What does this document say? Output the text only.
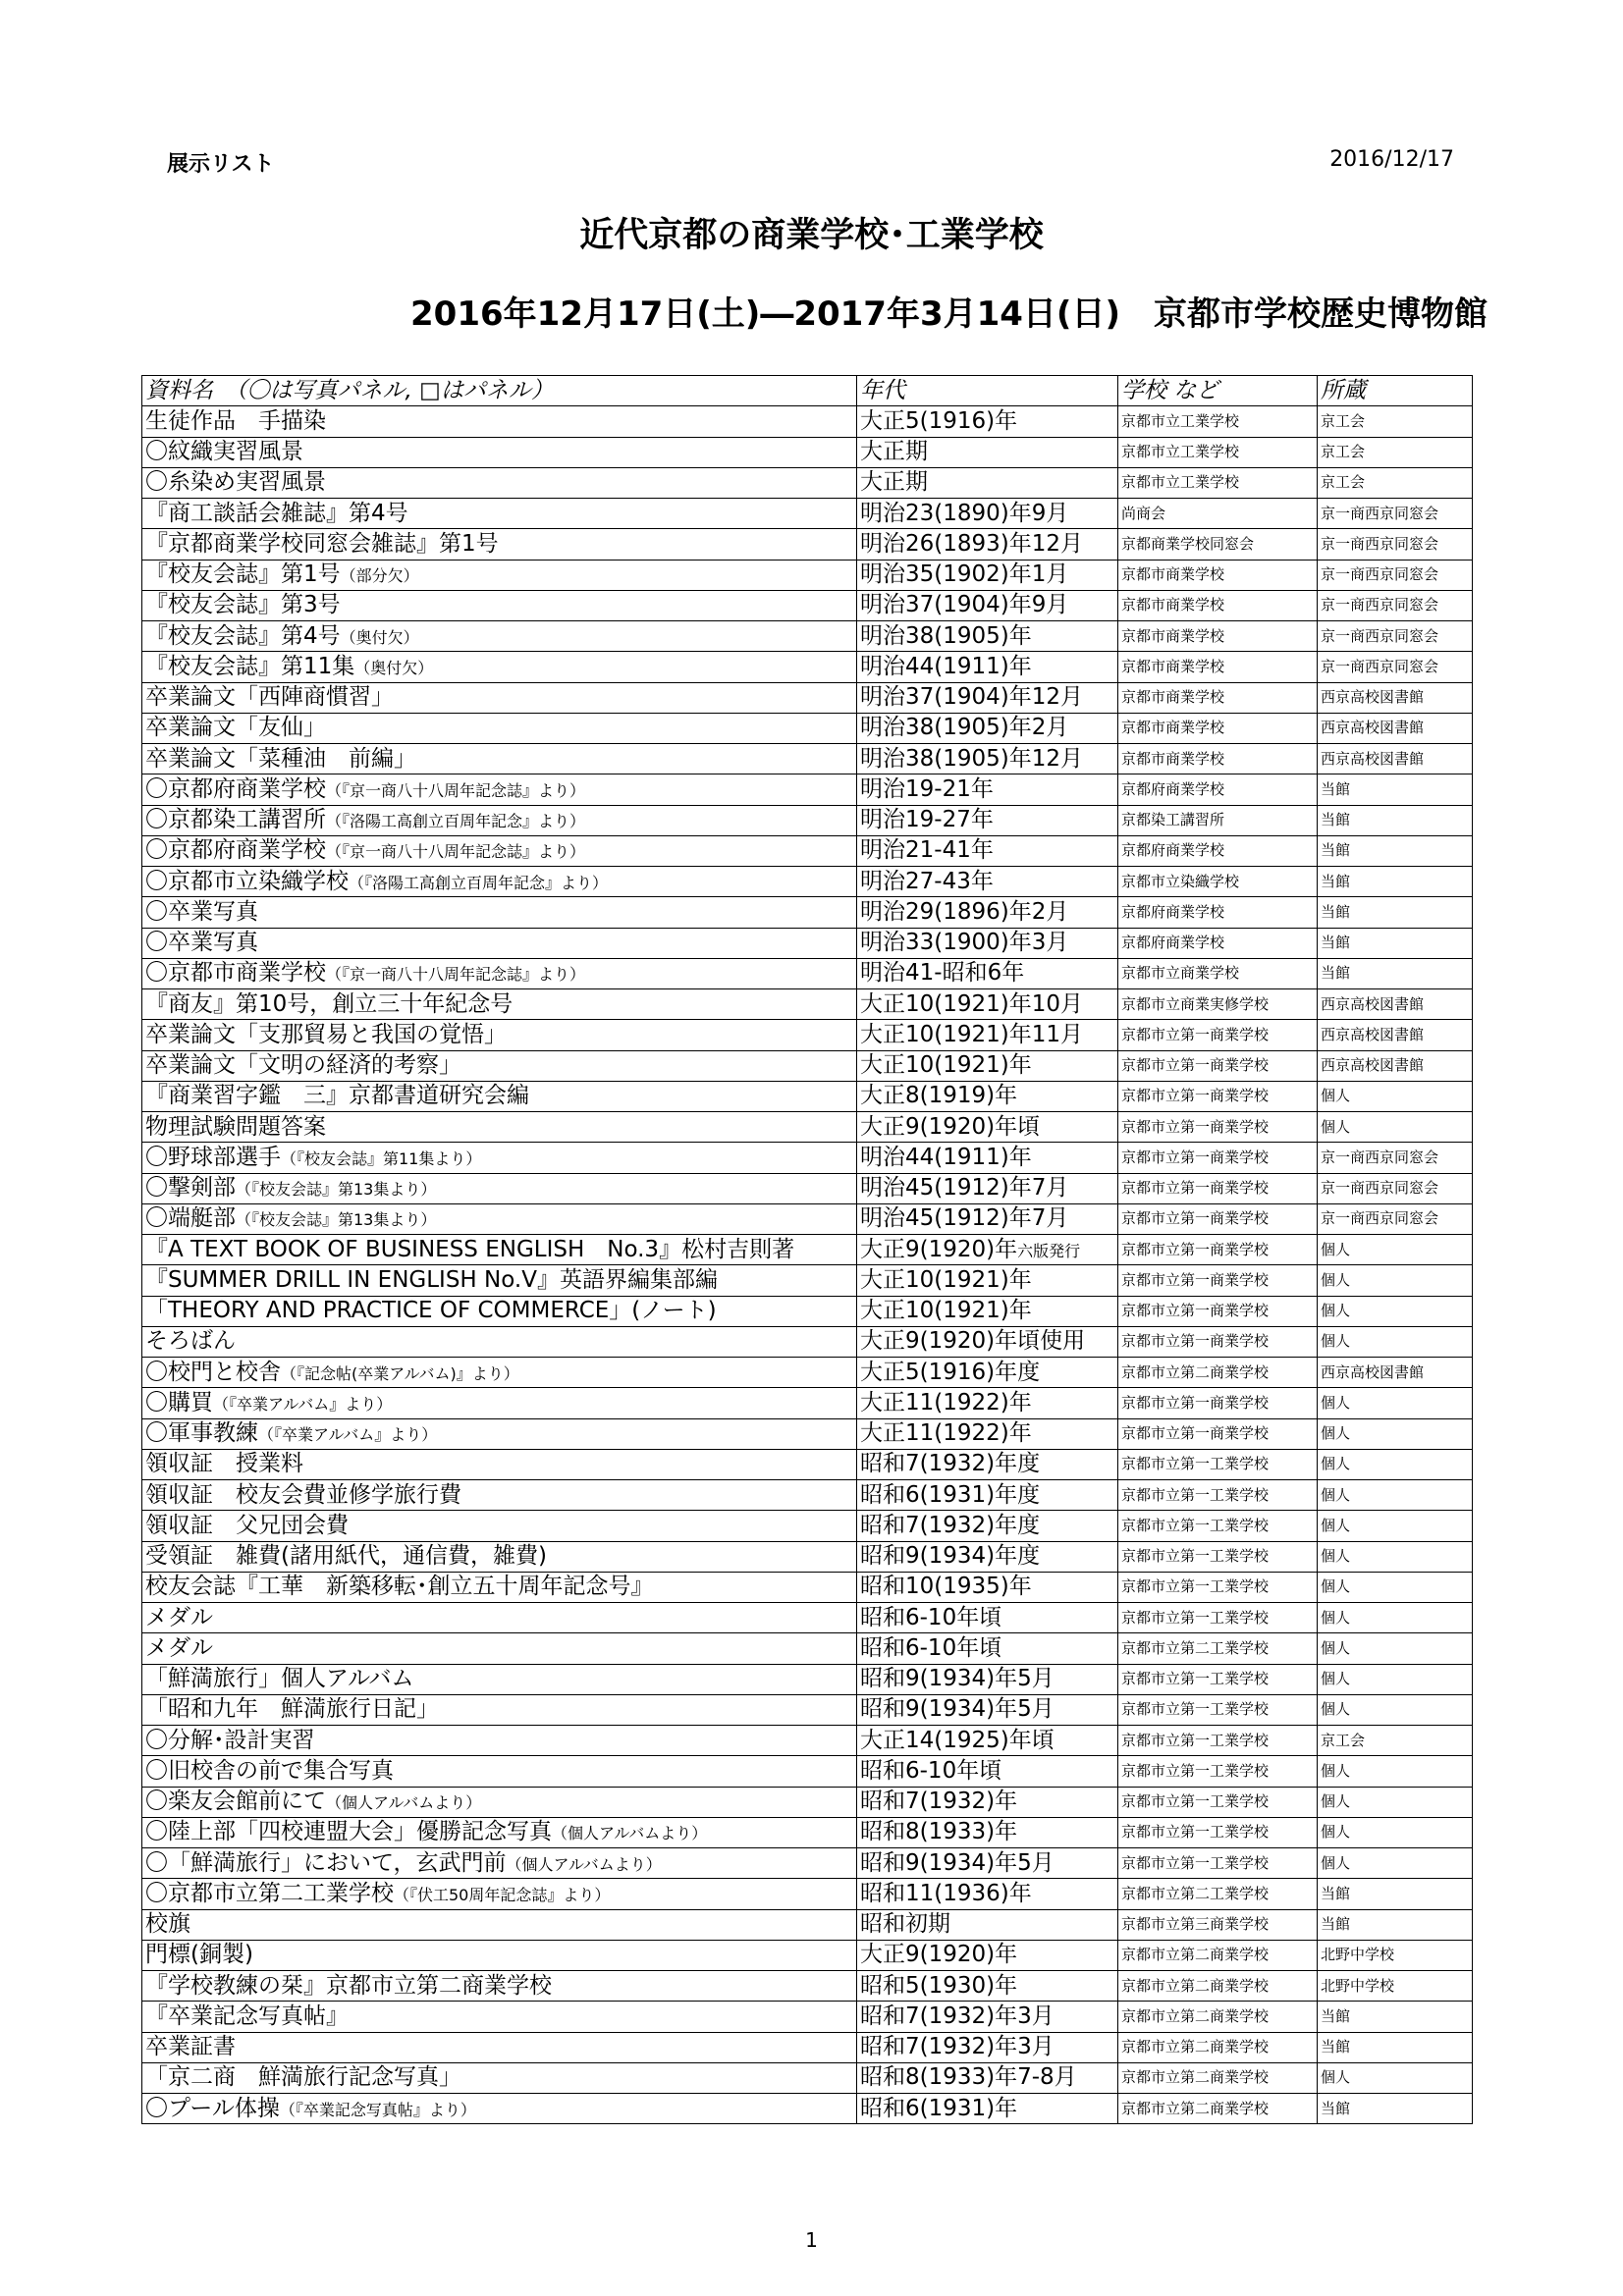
展示リスト	2016/12/17
近代京都の商業学校･工業学校
2016年12月17日(土)―2017年3月14日(日)　京都市学校歴史博物館
資料名　（〇は写真パネル, □はパネル）	年代	学校 など	所蔵
生徒作品　手描染	大正5(1916)年	京都市立工業学校	京工会
〇紋織実習風景	大正期	京都市立工業学校	京工会
〇糸染め実習風景	大正期	京都市立工業学校	京工会
『商工談話会雑誌』第4号	明治23(1890)年9月	尚商会	京一商西京同窓会
『京都商業学校同窓会雑誌』第1号	明治26(1893)年12月	京都商業学校同窓会	京一商西京同窓会
『校友会誌』第1号（部分欠）	明治35(1902)年1月	京都市商業学校	京一商西京同窓会
『校友会誌』第3号	明治37(1904)年9月	京都市商業学校	京一商西京同窓会
『校友会誌』第4号（奥付欠）	明治38(1905)年	京都市商業学校	京一商西京同窓会
『校友会誌』第11集（奥付欠）	明治44(1911)年	京都市商業学校	京一商西京同窓会
卒業論文「西陣商慣習」	明治37(1904)年12月	京都市商業学校	西京高校図書館
卒業論文「友仙」	明治38(1905)年2月	京都市商業学校	西京高校図書館
卒業論文「菜種油　前編」	明治38(1905)年12月	京都市商業学校	西京高校図書館
〇京都府商業学校（『京一商八十八周年記念誌』より）	明治19-21年	京都府商業学校	当館
〇京都染工講習所（『洛陽工高創立百周年記念』より）	明治19-27年	京都染工講習所	当館
〇京都府商業学校（『京一商八十八周年記念誌』より）	明治21-41年	京都府商業学校	当館
〇京都市立染織学校（『洛陽工高創立百周年記念』より）	明治27-43年	京都市立染織学校	当館
〇卒業写真	明治29(1896)年2月	京都府商業学校	当館
〇卒業写真	明治33(1900)年3月	京都府商業学校	当館
〇京都市商業学校（『京一商八十八周年記念誌』より）	明治41-昭和6年	京都市立商業学校	当館
『商友』第10号，創立三十年紀念号	大正10(1921)年10月	京都市立商業実修学校	西京高校図書館
卒業論文「支那貿易と我国の覚悟」	大正10(1921)年11月	京都市立第一商業学校	西京高校図書館
卒業論文「文明の経済的考察」	大正10(1921)年	京都市立第一商業学校	西京高校図書館
『商業習字鑑　三』京都書道研究会編	大正8(1919)年	京都市立第一商業学校	個人
物理試験問題答案	大正9(1920)年頃	京都市立第一商業学校	個人
〇野球部選手（『校友会誌』第11集より）	明治44(1911)年	京都市立第一商業学校	京一商西京同窓会
〇撃剣部（『校友会誌』第13集より）	明治45(1912)年7月	京都市立第一商業学校	京一商西京同窓会
〇端艇部（『校友会誌』第13集より）	明治45(1912)年7月	京都市立第一商業学校	京一商西京同窓会
『A TEXT BOOK OF BUSINESS ENGLISH　No.3』松村吉則著	大正9(1920)年六版発行	京都市立第一商業学校	個人
『SUMMER DRILL IN ENGLISH No.Ⅴ』英語界編集部編	大正10(1921)年	京都市立第一商業学校	個人
「THEORY AND PRACTICE OF COMMERCE」(ノート)	大正10(1921)年	京都市立第一商業学校	個人
そろばん	大正9(1920)年頃使用	京都市立第一商業学校	個人
〇校門と校舎（『記念帖(卒業アルバム)』より）	大正5(1916)年度	京都市立第二商業学校	西京高校図書館
〇購買（『卒業アルバム』より）	大正11(1922)年	京都市立第一商業学校	個人
〇軍事教練（『卒業アルバム』より）	大正11(1922)年	京都市立第一商業学校	個人
領収証　授業料	昭和7(1932)年度	京都市立第一工業学校	個人
領収証　校友会費並修学旅行費	昭和6(1931)年度	京都市立第一工業学校	個人
領収証　父兄団会費	昭和7(1932)年度	京都市立第一工業学校	個人
受領証　雑費(諸用紙代，通信費，雑費)	昭和9(1934)年度	京都市立第一工業学校	個人
校友会誌『工華　新築移転･創立五十周年記念号』	昭和10(1935)年	京都市立第一工業学校	個人
メダル	昭和6-10年頃	京都市立第一工業学校	個人
メダル	昭和6-10年頃	京都市立第二工業学校	個人
「鮮満旅行」個人アルバム	昭和9(1934)年5月	京都市立第一工業学校	個人
「昭和九年　鮮満旅行日記」	昭和9(1934)年5月	京都市立第一工業学校	個人
〇分解･設計実習	大正14(1925)年頃	京都市立第一工業学校	京工会
〇旧校舎の前で集合写真	昭和6-10年頃	京都市立第一工業学校	個人
〇楽友会館前にて（個人アルバムより）	昭和7(1932)年	京都市立第一工業学校	個人
〇陸上部「四校連盟大会」優勝記念写真（個人アルバムより）	昭和8(1933)年	京都市立第一工業学校	個人
〇「鮮満旅行」において，玄武門前（個人アルバムより）	昭和9(1934)年5月	京都市立第一工業学校	個人
〇京都市立第二工業学校（『伏工50周年記念誌』より）	昭和11(1936)年	京都市立第二工業学校	当館
校旗	昭和初期	京都市立第三商業学校	当館
門標(銅製)	大正9(1920)年	京都市立第二商業学校	北野中学校
『学校教練の栞』京都市立第二商業学校	昭和5(1930)年	京都市立第二商業学校	北野中学校
『卒業記念写真帖』	昭和7(1932)年3月	京都市立第二商業学校	当館
卒業証書	昭和7(1932)年3月	京都市立第二商業学校	当館
「京二商　鮮満旅行記念写真」	昭和8(1933)年7-8月	京都市立第二商業学校	個人
〇プール体操（『卒業記念写真帖』より）	昭和6(1931)年	京都市立第二商業学校	当館
1
